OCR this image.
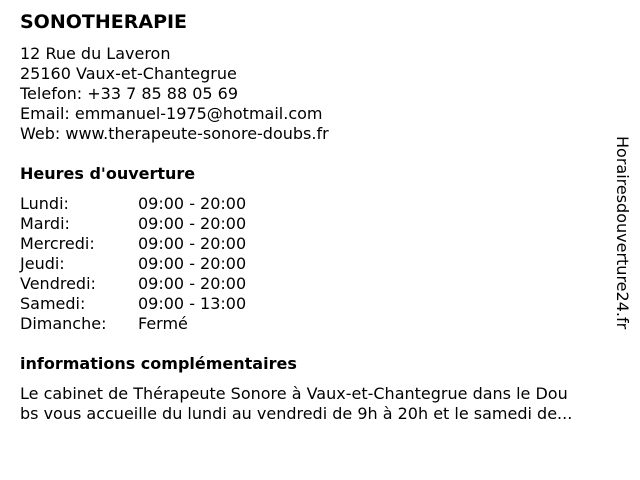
SONOTHERAPIE
12 Rue du Laveron
25160 Vaux-et-Chantegrue
Telefon: +33 7 85 88 05 69
Email: emmanuel-1975@hotmail.com
Web: www.therapeute-sonore-doubs.fr
Heures d'ouverture
Lundi:	09:00 - 20:00
Mardi:	09:00 - 20:00
Mercredi:	09:00 - 20:00
Jeudi:	09:00 - 20:00
Vendredi:	09:00 - 20:00
Samedi:	09:00 - 13:00
Dimanche:	Fermé
informations complémentaires
Le cabinet de Thérapeute Sonore à Vaux-et-Chantegrue dans le Dou
bs vous accueille du lundi au vendredi de 9h à 20h et le samedi de...
Horairesdouverture24.fr
